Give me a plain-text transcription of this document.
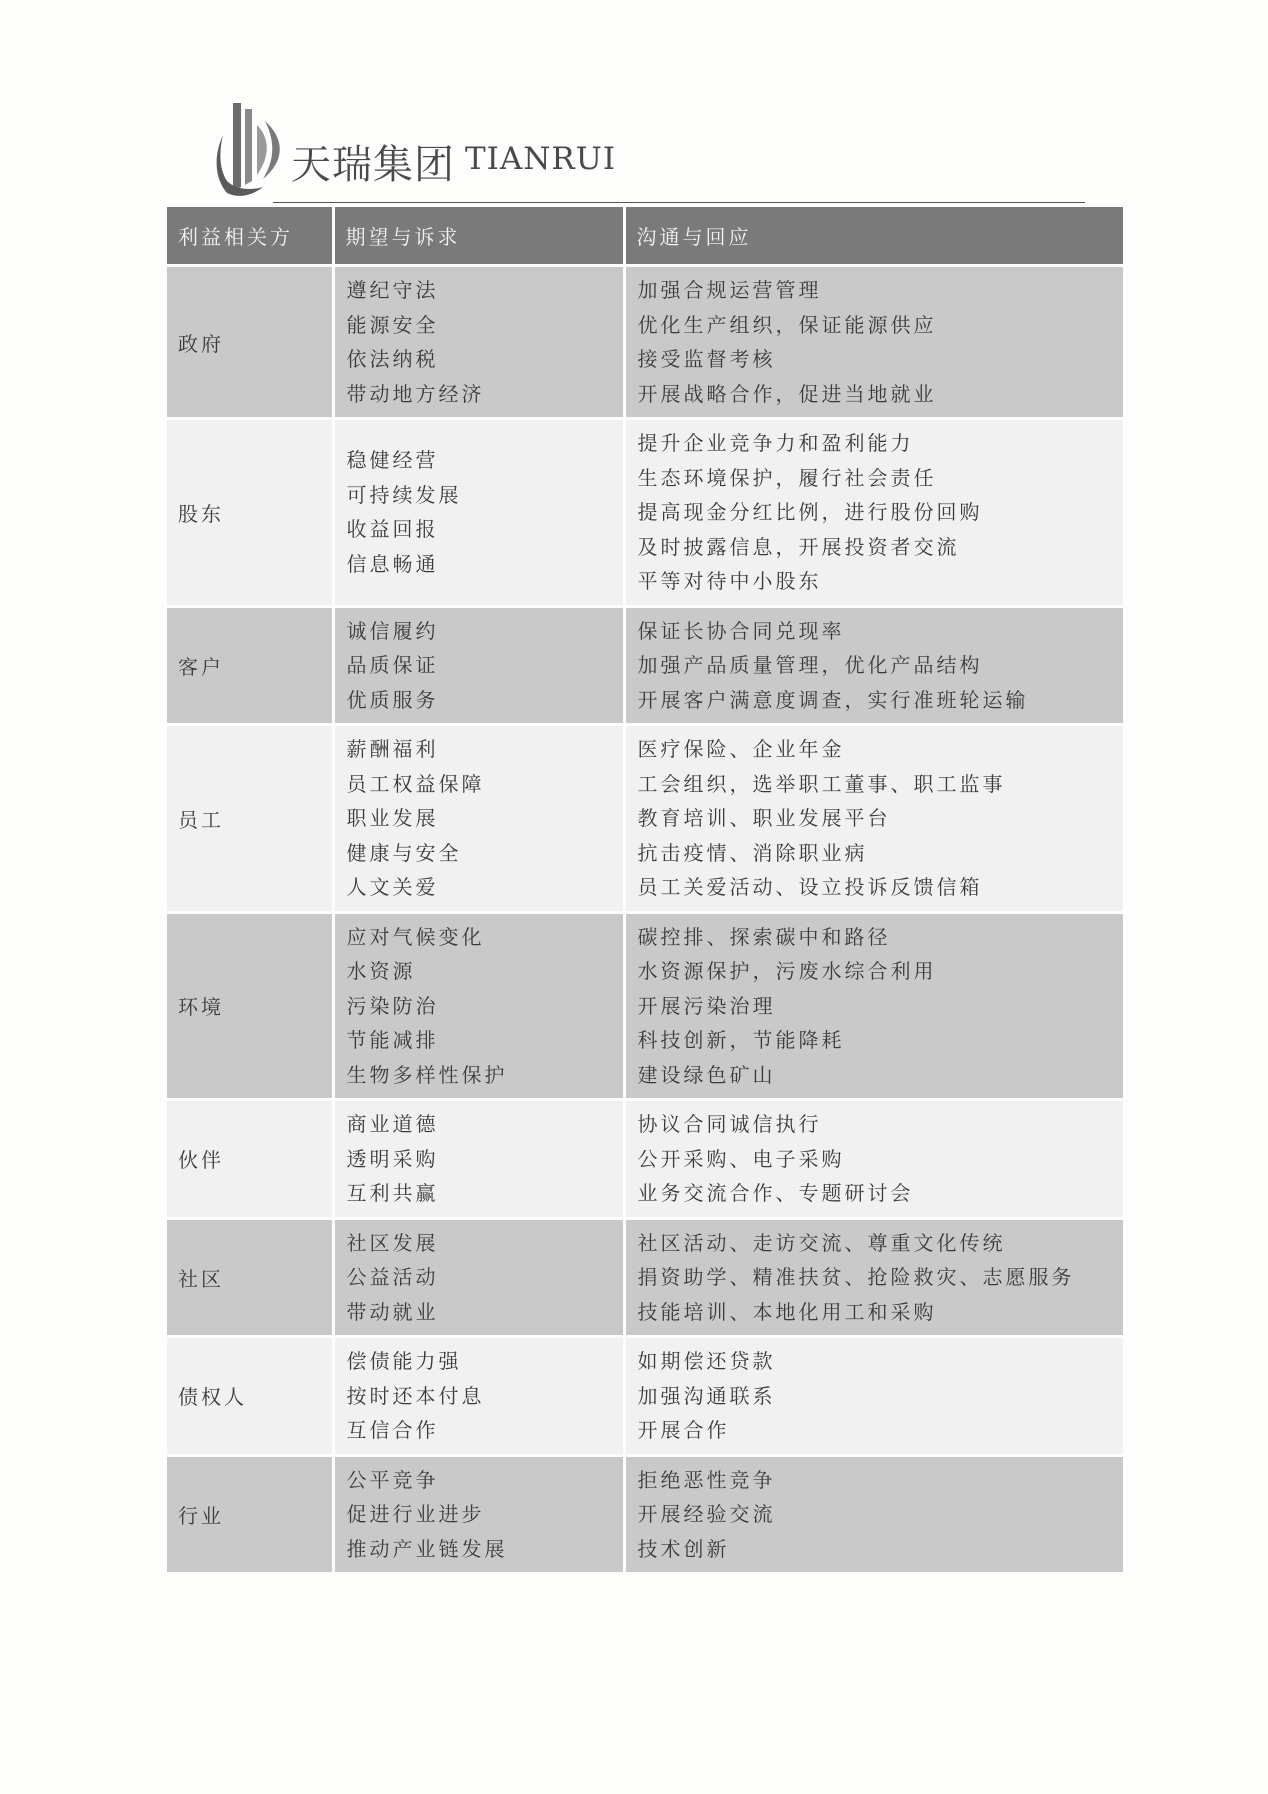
天瑞集团 TIANRUI
利益相关方	期望与诉求	沟通与回应
政府	遵纪守法
能源安全
依法纳税
带动地方经济	加强合规运营管理
优化生产组织，保证能源供应
接受监督考核
开展战略合作，促进当地就业

股东	稳健经营
可持续发展
收益回报
信息畅通	提升企业竞争力和盈利能力
生态环境保护，履行社会责任
提高现金分红比例，进行股份回购
及时披露信息，开展投资者交流
平等对待中小股东

客户	诚信履约
品质保证
优质服务	保证长协合同兑现率
加强产品质量管理，优化产品结构
开展客户满意度调查，实行准班轮运输

员工	薪酬福利
员工权益保障
职业发展
健康与安全
人文关爱	医疗保险、企业年金
工会组织，选举职工董事、职工监事
教育培训、职业发展平台
抗击疫情、消除职业病
员工关爱活动、设立投诉反馈信箱

环境	应对气候变化
水资源
污染防治
节能减排
生物多样性保护	碳控排、探索碳中和路径
水资源保护，污废水综合利用
开展污染治理
科技创新，节能降耗
建设绿色矿山

伙伴	商业道德
透明采购
互利共赢	协议合同诚信执行
公开采购、电子采购
业务交流合作、专题研讨会

社区	社区发展
公益活动
带动就业	社区活动、走访交流、尊重文化传统
捐资助学、精准扶贫、抢险救灾、志愿服务
技能培训、本地化用工和采购

债权人	偿债能力强
按时还本付息
互信合作	如期偿还贷款
加强沟通联系
开展合作

行业	公平竞争
促进行业进步
推动产业链发展	拒绝恶性竞争
开展经验交流
技术创新
